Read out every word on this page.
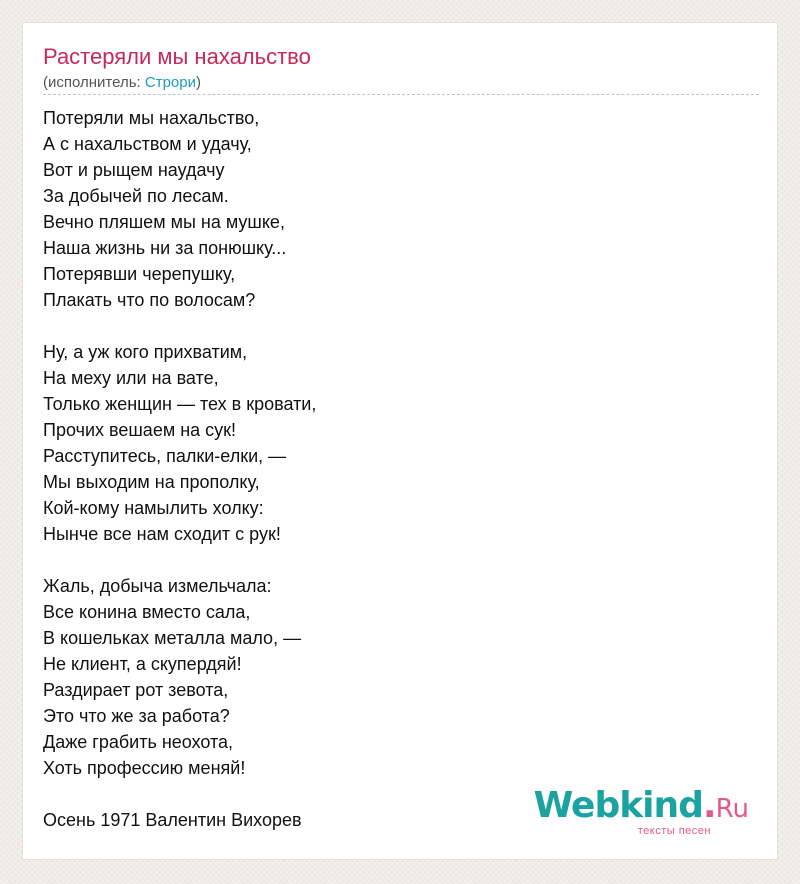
Растеряли мы нахальство
(исполнитель: Строри)
Потеряли мы нахальство,
А с нахальством и удачу,
Вот и рыщем наудачу
За добычей по лесам.
Вечно пляшем мы на мушке,
Наша жизнь ни за понюшку...
Потерявши черепушку,
Плакать что по волосам?
Ну, а уж кого прихватим,
На меху или на вате,
Только женщин — тех в кровати,
Прочих вешаем на сук!
Расступитесь, палки-елки, —
Мы выходим на прополку,
Кой-кому намылить холку:
Нынче все нам сходит с рук!
Жаль, добыча измельчала:
Все конина вместо сала,
В кошельках металла мало, —
Не клиент, а скупердяй!
Раздирает рот зевота,
Это что же за работа?
Даже грабить неохота,
Хоть профессию меняй!
Осень 1971 Валентин Вихорев	Webkind.Ru
тексты песен
